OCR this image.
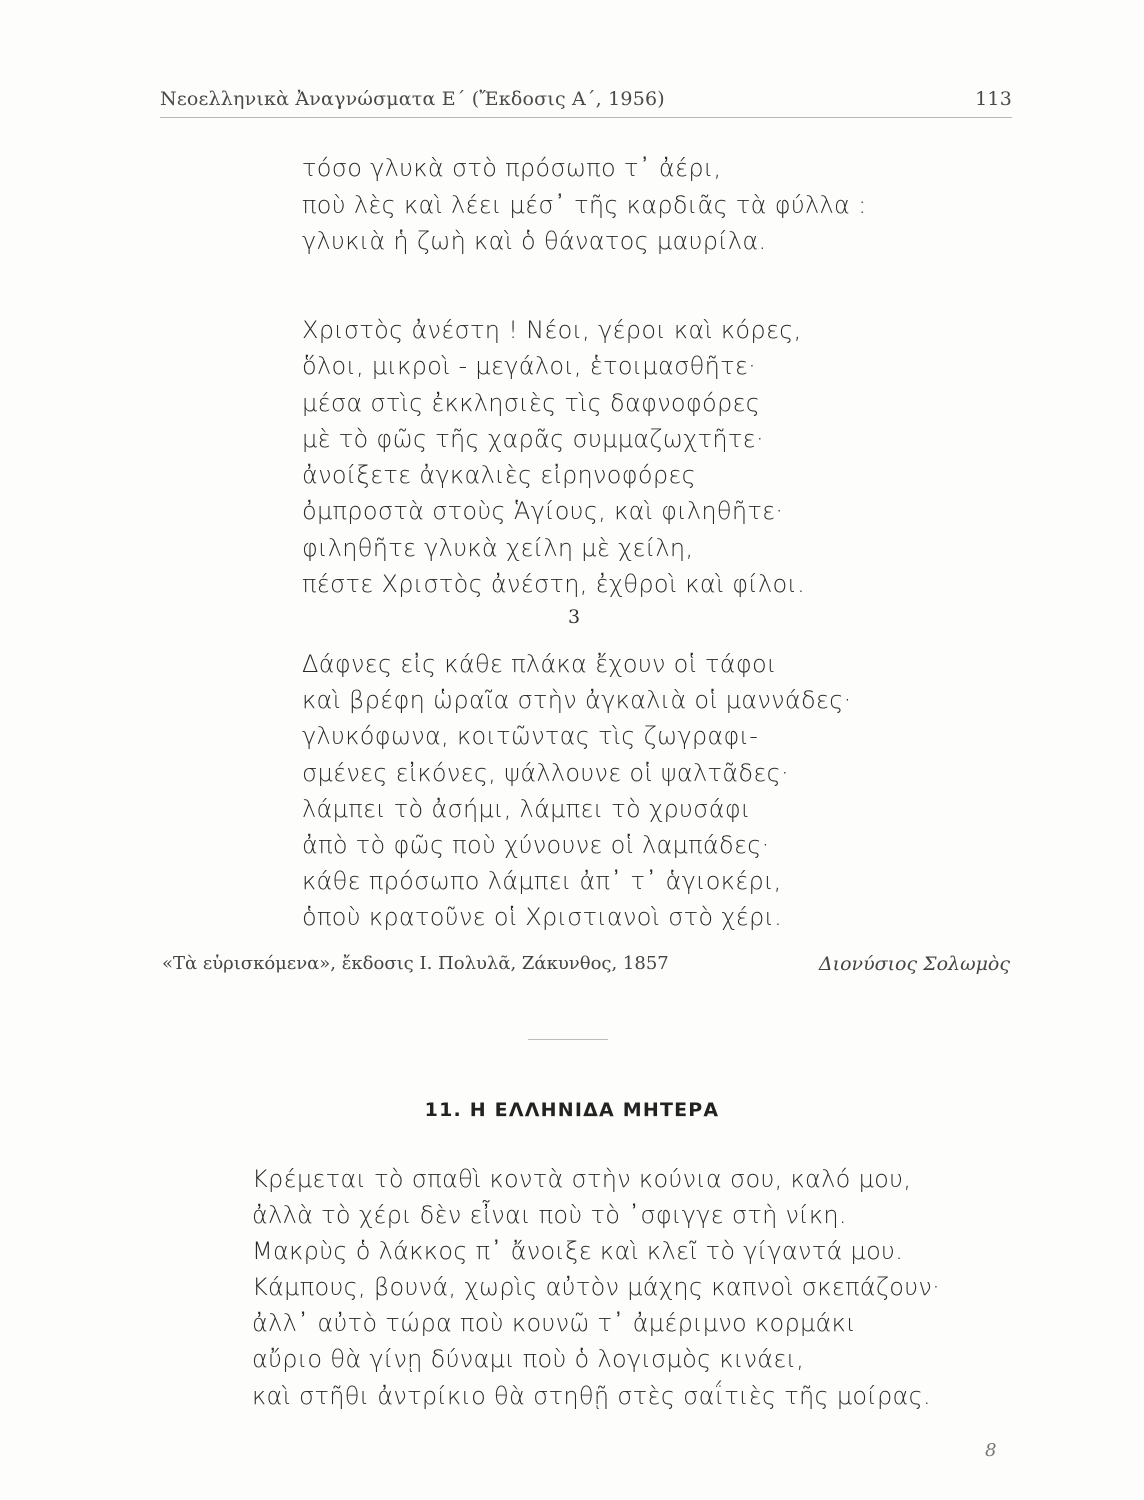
Νεοελληνικὰ Ἀναγνώσματα Ε΄ (Ἔκδοσις Α΄, 1956)	113
τόσο γλυκὰ στὸ πρόσωπο τ᾽ ἀέρι,
ποὺ λὲς καὶ λέει μέσ᾽ τῆς καρδιᾶς τὰ φύλλα :
γλυκιὰ ἡ ζωὴ καὶ ὁ θάνατος μαυρίλα.
Χριστὸς ἀνέστη ! Νέοι, γέροι καὶ κόρες,
ὅλοι, μικροὶ - μεγάλοι, ἑτοιμασθῆτε·
μέσα στὶς ἐκκλησιὲς τὶς δαφνοφόρες
μὲ τὸ φῶς τῆς χαρᾶς συμμαζωχτῆτε·
ἀνοίξετε ἀγκαλιὲς εἰρηνοφόρες
ὀμπροστὰ στοὺς Ἁγίους, καὶ φιληθῆτε·
φιληθῆτε γλυκὰ χείλη μὲ χείλη,
πέστε Χριστὸς ἀνέστη, ἐχθροὶ καὶ φίλοι.
3
Δάφνες εἰς κάθε πλάκα ἔχουν οἱ τάφοι
καὶ βρέφη ὡραῖα στὴν ἀγκαλιὰ οἱ μαννάδες·
γλυκόφωνα, κοιτῶντας τὶς ζωγραφι-
σμένες εἰκόνες, ψάλλουνε οἱ ψαλτᾶδες·
λάμπει τὸ ἀσήμι, λάμπει τὸ χρυσάφι
ἀπὸ τὸ φῶς ποὺ χύνουνε οἱ λαμπάδες·
κάθε πρόσωπο λάμπει ἀπ᾽ τ᾽ ἁγιοκέρι,
ὁποὺ κρατοῦνε οἱ Χριστιανοὶ στὸ χέρι.
«Τὰ εὑρισκόμενα», ἔκδοσις Ι. Πολυλᾶ, Ζάκυνθος, 1857	Διονύσιος Σολωμὸς
11. Η ΕΛΛΗΝΙΔΑ ΜΗΤΕΡΑ
Κρέμεται τὸ σπαθὶ κοντὰ στὴν κούνια σου, καλό μου,
ἀλλὰ τὸ χέρι δὲν εἶναι ποὺ τὸ ᾽σφιγγε στὴ νίκη.
Μακρὺς ὁ λάκκος π᾽ ἄνοιξε καὶ κλεῖ τὸ γίγαντά μου.
Κάμπους, βουνά, χωρὶς αὐτὸν μάχης καπνοὶ σκεπάζουν·
ἀλλ᾽ αὐτὸ τώρα ποὺ κουνῶ τ᾽ ἀμέριμνο κορμάκι
αὔριο θὰ γίνῃ δύναμι ποὺ ὁ λογισμὸς κινάει,
καὶ στῆθι ἀντρίκιο θὰ στηθῇ στὲς σαΐτιὲς τῆς μοίρας.
8
